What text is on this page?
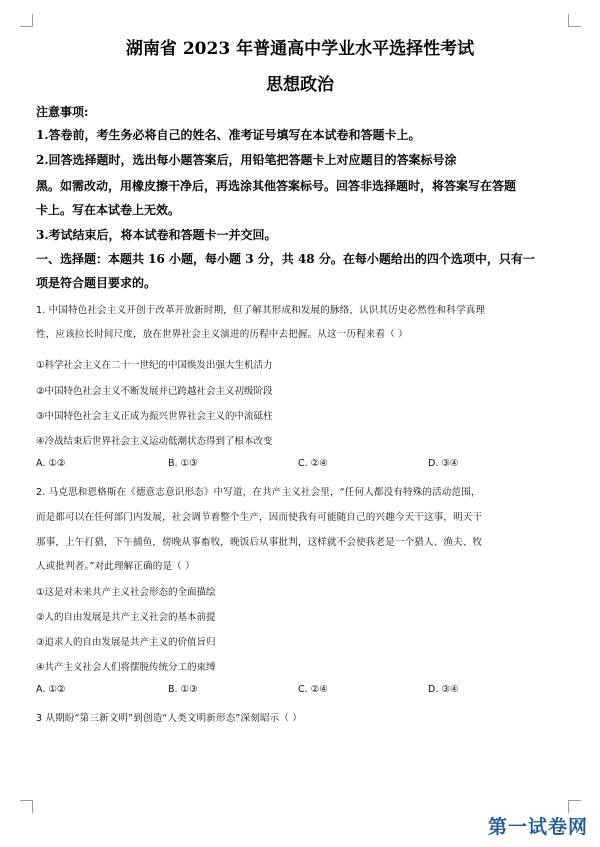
湖南省 2023 年普通高中学业水平选择性考试
思想政治
注意事项:
1.答卷前，考生务必将自己的姓名、准考证号填写在本试卷和答题卡上。
2.回答选择题时，选出每小题答案后，用铅笔把答题卡上对应题目的答案标号涂
黑。如需改动，用橡皮擦干净后，再选涂其他答案标号。回答非选择题时，将答案写在答题
卡上。写在本试卷上无效。
3.考试结束后，将本试卷和答题卡一并交回。
一、选择题：本题共 16 小题，每小题 3 分，共 48 分。在每小题给出的四个选项中，只有一
项是符合题目要求的。
1. 中国特色社会主义开创于改革开放新时期，但了解其形成和发展的脉络，认识其历史必然性和科学真理
性，应该拉长时间尺度，放在世界社会主义演进的历程中去把握。从这一历程来看（ ）
①科学社会主义在二十一世纪的中国焕发出强大生机活力
②中国特色社会主义不断发展并已跨越社会主义初级阶段
③中国特色社会主义正成为振兴世界社会主义的中流砥柱
④冷战结束后世界社会主义运动低潮状态得到了根本改变
A. ①②	B. ①③	C. ②④	D. ③④
2. 马克思和恩格斯在《德意志意识形态》中写道，在共产主义社会里，“任何人都没有特殊的活动范围，
而是都可以在任何部门内发展，社会调节着整个生产，因而使我有可能随自己的兴趣今天干这事，明天干
那事，上午打猎，下午捕鱼，傍晚从事畜牧，晚饭后从事批判，这样就不会使我老是一个猎人、渔夫、牧
人或批判者。”对此理解正确的是（ ）
①这是对未来共产主义社会形态的全面描绘
②人的自由发展是共产主义社会的基本前提
③追求人的自由发展是共产主义的价值旨归
④共产主义社会人们将摆脱传统分工的束缚
A. ①②	B. ①③	C. ②④	D. ③④
3 从期盼“第三新文明”到创造“人类文明新形态”深刻昭示（ ）
第一试卷网
